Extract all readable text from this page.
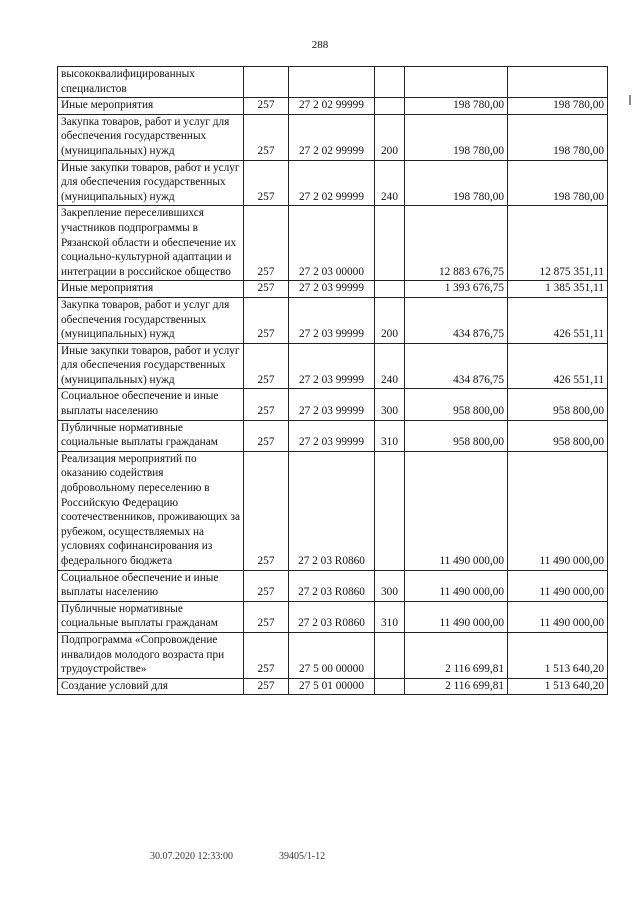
288
высококвалифицированных специалистов					
Иные мероприятия	257	27 2 02 99999		198 780,00	198 780,00
Закупка товаров, работ и услуг для обеспечения государственных (муниципальных) нужд	257	27 2 02 99999	200	198 780,00	198 780,00
Иные закупки товаров, работ и услуг для обеспечения государственных (муниципальных) нужд	257	27 2 02 99999	240	198 780,00	198 780,00
Закрепление переселившихся участников подпрограммы в Рязанской области и обеспечение их социально-культурной адаптации и интеграции в российское общество	257	27 2 03 00000		12 883 676,75	12 875 351,11
Иные мероприятия	257	27 2 03 99999		1 393 676,75	1 385 351,11
Закупка товаров, работ и услуг для обеспечения государственных (муниципальных) нужд	257	27 2 03 99999	200	434 876,75	426 551,11
Иные закупки товаров, работ и услуг для обеспечения государственных (муниципальных) нужд	257	27 2 03 99999	240	434 876,75	426 551,11
Социальное обеспечение и иные выплаты населению	257	27 2 03 99999	300	958 800,00	958 800,00
Публичные нормативные социальные выплаты гражданам	257	27 2 03 99999	310	958 800,00	958 800,00
Реализация мероприятий по оказанию содействия добровольному переселению в Российскую Федерацию соотечественников, проживающих за рубежом, осуществляемых на условиях софинансирования из федерального бюджета	257	27 2 03 R0860		11 490 000,00	11 490 000,00
Социальное обеспечение и иные выплаты населению	257	27 2 03 R0860	300	11 490 000,00	11 490 000,00
Публичные нормативные социальные выплаты гражданам	257	27 2 03 R0860	310	11 490 000,00	11 490 000,00
Подпрограмма «Сопровождение инвалидов молодого возраста при трудоустройстве»	257	27 5 00 00000		2 116 699,81	1 513 640,20
Создание условий для	257	27 5 01 00000		2 116 699,81	1 513 640,20
30.07.2020 12:33:00	39405/1-12
